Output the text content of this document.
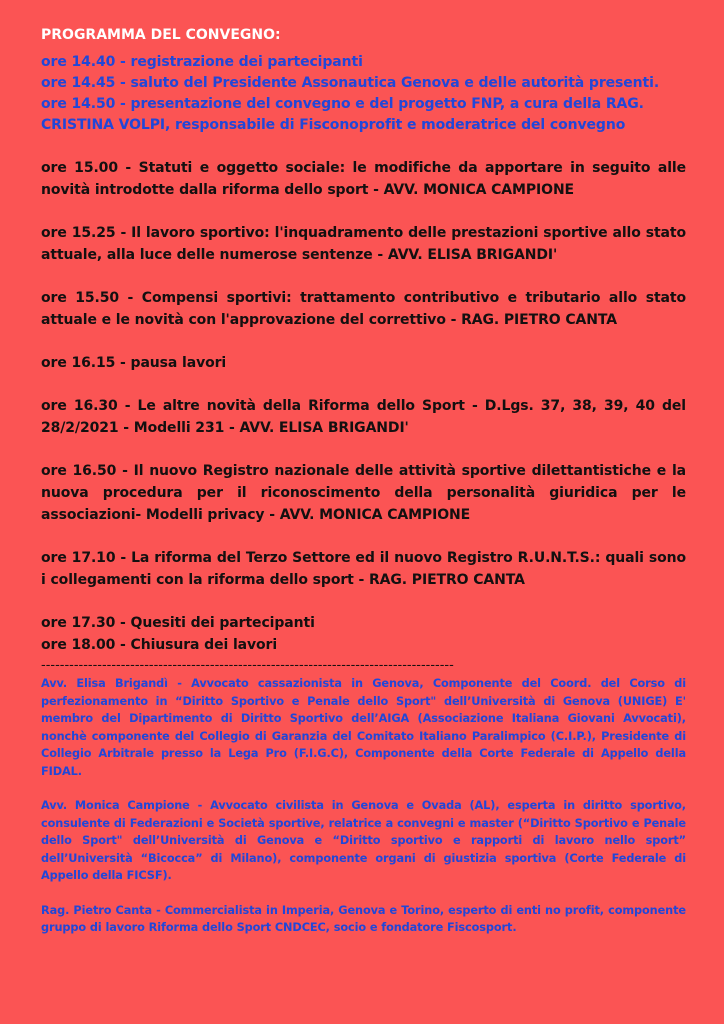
PROGRAMMA DEL CONVEGNO:
ore 14.40 - registrazione dei partecipanti
ore 14.45 - saluto del Presidente Assonautica Genova e delle autorità presenti.
ore 14.50 - presentazione del convegno e del progetto FNP, a cura della RAG.
CRISTINA VOLPI, responsabile di Fisconoprofit e moderatrice del convegno
ore 15.00 - Statuti e oggetto sociale: le modifiche da apportare in seguito alle novità introdotte dalla riforma dello sport - AVV. MONICA CAMPIONE
ore 15.25 - Il lavoro sportivo: l'inquadramento delle prestazioni sportive allo stato attuale, alla luce delle numerose sentenze - AVV. ELISA BRIGANDI'
ore 15.50 - Compensi sportivi: trattamento contributivo e tributario allo stato attuale e le novità con l'approvazione del correttivo - RAG. PIETRO CANTA
ore 16.15 - pausa lavori
ore 16.30 - Le altre novità della Riforma dello Sport - D.Lgs. 37, 38, 39, 40 del 28/2/2021 - Modelli 231 - AVV. ELISA BRIGANDI'
ore 16.50 - Il nuovo Registro nazionale delle attività sportive dilettantistiche e la nuova procedura per il riconoscimento della personalità giuridica per le associazioni- Modelli privacy - AVV. MONICA CAMPIONE
ore 17.10 - La riforma del Terzo Settore ed il nuovo Registro R.U.N.T.S.: quali sono i collegamenti con la riforma dello sport - RAG. PIETRO CANTA
ore 17.30 - Quesiti dei partecipanti
ore 18.00 - Chiusura dei lavori
----------------------------------------------------------------------------------------
Avv. Elisa Brigandì - Avvocato cassazionista in Genova, Componente del Coord. del Corso di perfezionamento in “Diritto Sportivo e Penale dello Sport" dell’Università di Genova (UNIGE) E' membro del Dipartimento di Diritto Sportivo dell’AIGA (Associazione Italiana Giovani Avvocati), nonchè componente del Collegio di Garanzia del Comitato Italiano Paralimpico (C.I.P.), Presidente di Collegio Arbitrale presso la Lega Pro (F.I.G.C), Componente della Corte Federale di Appello della FIDAL.
Avv. Monica Campione - Avvocato civilista in Genova e Ovada (AL), esperta in diritto sportivo, consulente di Federazioni e Società sportive, relatrice a convegni e master (“Diritto Sportivo e Penale dello Sport" dell’Università di Genova e “Diritto sportivo e rapporti di lavoro nello sport” dell’Università “Bicocca” di Milano), componente organi di giustizia sportiva (Corte Federale di Appello della FICSF).
Rag. Pietro Canta - Commercialista in Imperia, Genova e Torino, esperto di enti no profit, componente gruppo di lavoro Riforma dello Sport CNDCEC, socio e fondatore Fiscosport.
